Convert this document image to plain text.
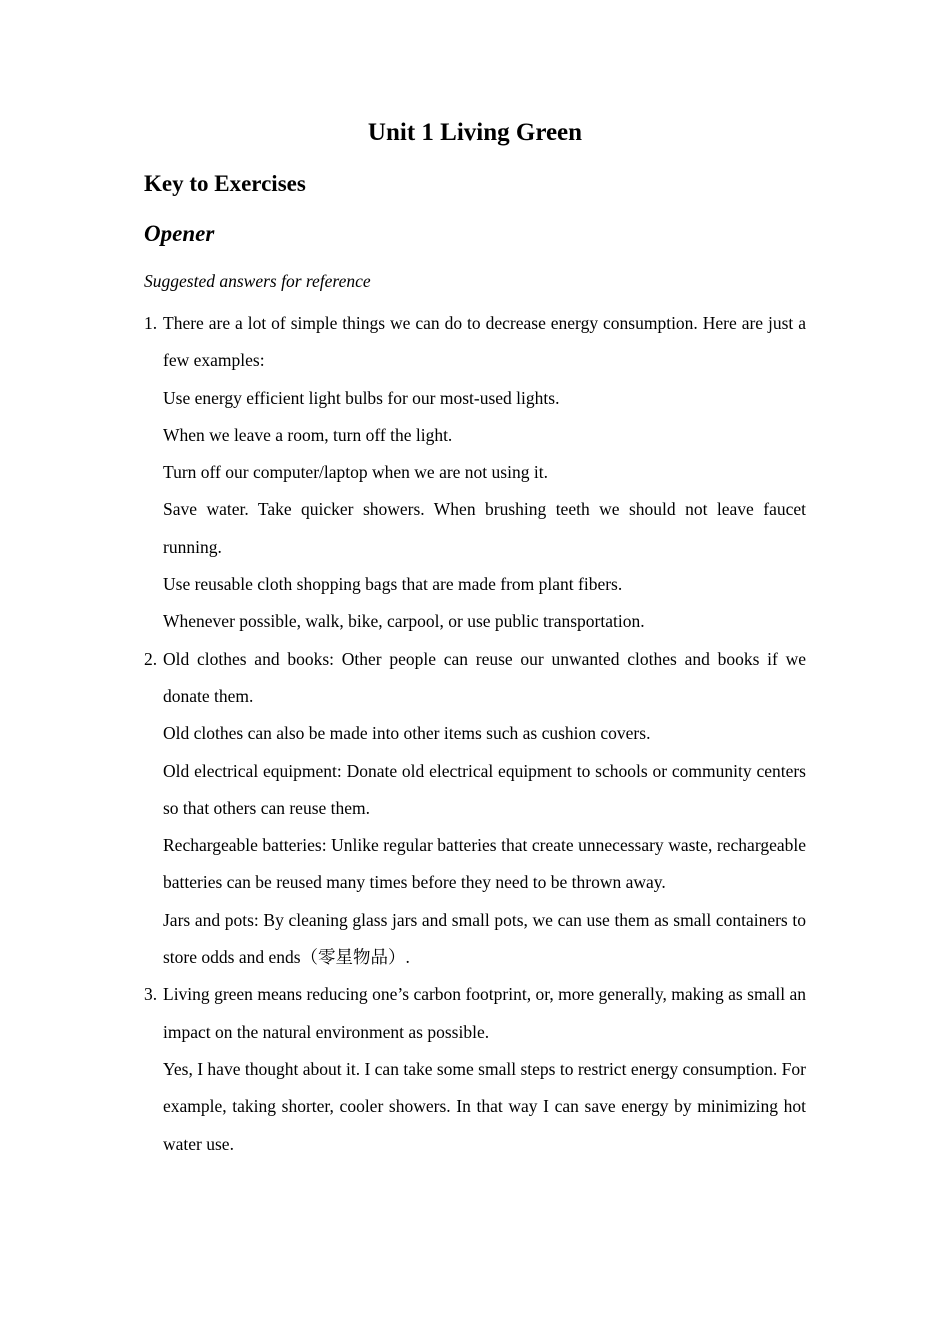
Unit 1 Living Green
Key to Exercises
Opener
Suggested answers for reference
1. There are a lot of simple things we can do to decrease energy consumption. Here are just a few examples:
Use energy efficient light bulbs for our most-used lights.
When we leave a room, turn off the light.
Turn off our computer/laptop when we are not using it.
Save water. Take quicker showers. When brushing teeth we should not leave faucet running.
Use reusable cloth shopping bags that are made from plant fibers.
Whenever possible, walk, bike, carpool, or use public transportation.
2. Old clothes and books: Other people can reuse our unwanted clothes and books if we donate them.
Old clothes can also be made into other items such as cushion covers.
Old electrical equipment: Donate old electrical equipment to schools or community centers so that others can reuse them.
Rechargeable batteries: Unlike regular batteries that create unnecessary waste, rechargeable batteries can be reused many times before they need to be thrown away.
Jars and pots: By cleaning glass jars and small pots, we can use them as small containers to store odds and ends（零星物品）.
3. Living green means reducing one’s carbon footprint, or, more generally, making as small an impact on the natural environment as possible.
Yes, I have thought about it. I can take some small steps to restrict energy consumption. For example, taking shorter, cooler showers. In that way I can save energy by minimizing hot water use.
